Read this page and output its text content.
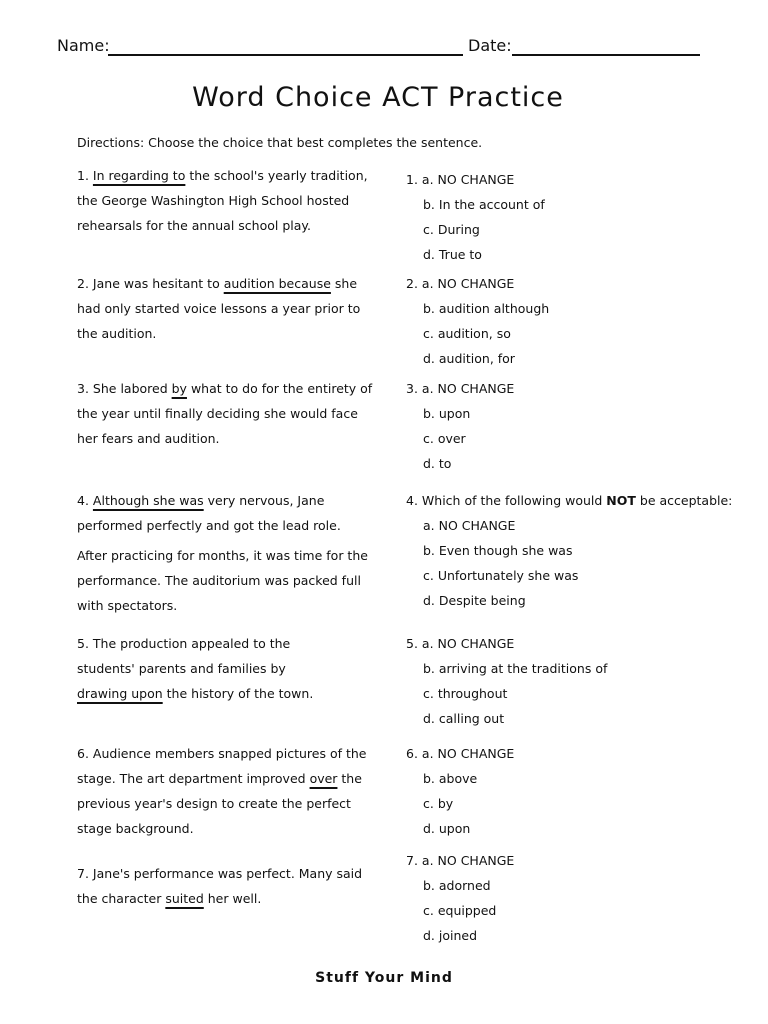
Name:	Date:
Word Choice ACT Practice
Directions: Choose the choice that best completes the sentence.

1. In regarding to the school's yearly tradition,

the George Washington High School hosted

rehearsals for the annual school play.

1. a. NO CHANGE
b. In the account of
c. During
d. True to

2. Jane was hesitant to audition because she

had only started voice lessons a year prior to

the audition.

2. a. NO CHANGE
b. audition although
c. audition, so
d. audition, for

3. She labored by what to do for the entirety of

the year until finally deciding she would face

her fears and audition.

3. a. NO CHANGE
b. upon
c. over
d. to

4. Although she was very nervous, Jane

performed perfectly and got the lead role.

After practicing for months, it was time for the

performance. The auditorium was packed full

with spectators.

4. Which of the following would NOT be acceptable:
a. NO CHANGE
b. Even though she was
c. Unfortunately she was
d. Despite being

5. The production appealed to the

students' parents and families by

drawing upon the history of the town.

5. a. NO CHANGE
b. arriving at the traditions of
c. throughout
d. calling out

6. Audience members snapped pictures of the

stage. The art department improved over the

previous year's design to create the perfect

stage background.

6. a. NO CHANGE
b. above
c. by
d. upon

7. Jane's performance was perfect. Many said

the character suited her well.

7. a. NO CHANGE
b. adorned
c. equipped
d. joined
Stuff Your Mind
